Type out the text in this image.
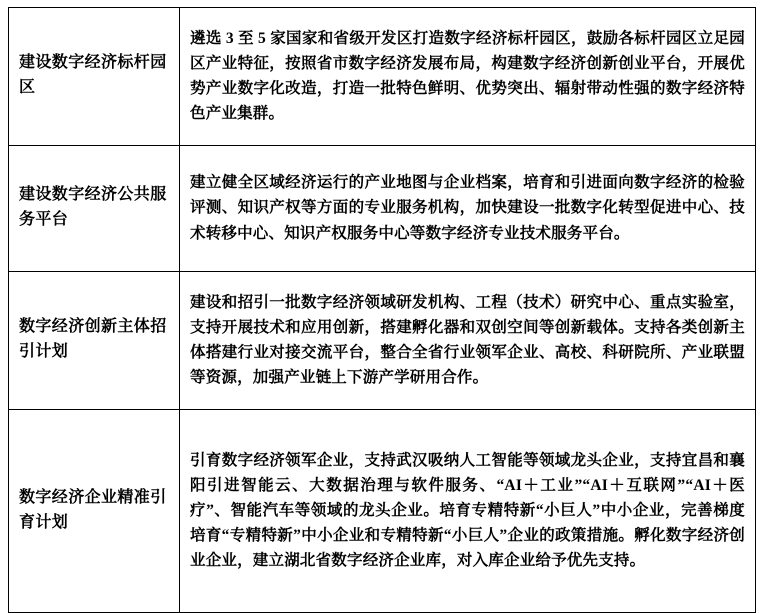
建设数字经济标杆园区	遴选 3 至 5 家国家和省级开发区打造数字经济标杆园区，鼓励各标杆园区立足园区产业特征，按照省市数字经济发展布局，构建数字经济创新创业平台，开展优势产业数字化改造，打造一批特色鲜明、优势突出、辐射带动性强的数字经济特色产业集群。
建设数字经济公共服务平台	建立健全区域经济运行的产业地图与企业档案，培育和引进面向数字经济的检验评测、知识产权等方面的专业服务机构，加快建设一批数字化转型促进中心、技术转移中心、知识产权服务中心等数字经济专业技术服务平台。
数字经济创新主体招引计划	建设和招引一批数字经济领域研发机构、工程（技术）研究中心、重点实验室，支持开展技术和应用创新，搭建孵化器和双创空间等创新载体。支持各类创新主体搭建行业对接交流平台，整合全省行业领军企业、高校、科研院所、产业联盟等资源，加强产业链上下游产学研用合作。
数字经济企业精准引育计划	引育数字经济领军企业，支持武汉吸纳人工智能等领域龙头企业，支持宜昌和襄阳引进智能云、大数据治理与软件服务、“AI＋工业”“AI＋互联网”“AI＋医疗”、智能汽车等领域的龙头企业。培育专精特新“小巨人”中小企业，完善梯度培育“专精特新”中小企业和专精特新“小巨人”企业的政策措施。孵化数字经济创业企业，建立湖北省数字经济企业库，对入库企业给予优先支持。
